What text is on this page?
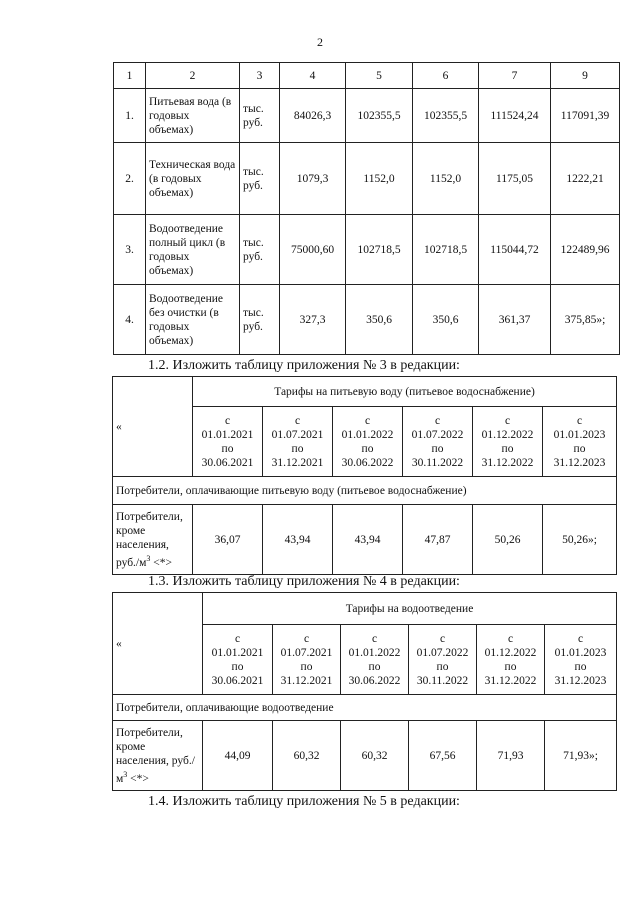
2
1	2	3	4	5	6	7	9
1.	Питьевая вода (в годовых объемах)	тыс. руб.	84026,3	102355,5	102355,5	111524,24	117091,39
2.	Техническая вода (в годовых объемах)	тыс. руб.	1079,3	1152,0	1152,0	1175,05	1222,21
3.	Водоотведение полный цикл (в годовых объемах)	тыс. руб.	75000,60	102718,5	102718,5	115044,72	122489,96
4.	Водоотведение без очистки (в годовых объемах)	тыс. руб.	327,3	350,6	350,6	361,37	375,85»;
1.2. Изложить таблицу приложения № 3 в редакции:
«	Тарифы на питьевую воду (питьевое водоснабжение)					
	с
01.01.2021
по
30.06.2021	с
01.07.2021
по
31.12.2021	с
01.01.2022
по
30.06.2022	с
01.07.2022
по
30.11.2022	с
01.12.2022
по
31.12.2022	с
01.01.2023
по
31.12.2023
Потребители, оплачивающие питьевую воду (питьевое водоснабжение)						
Потребители, кроме населения, $руб./м^3$ <*>	36,07	43,94	43,94	47,87	50,26	50,26»;
1.3. Изложить таблицу приложения № 4 в редакции:
«	Тарифы на водоотведение					
	с
01.01.2021
по
30.06.2021	с
01.07.2021
по
31.12.2021	с
01.01.2022
по
30.06.2022	с
01.07.2022
по
30.11.2022	с
01.12.2022
по
31.12.2022	с
01.01.2023
по
31.12.2023
Потребители, оплачивающие водоотведение						
Потребители, кроме населения, $руб./м^3$ <*>	44,09	60,32	60,32	67,56	71,93	71,93»;
1.4. Изложить таблицу приложения № 5 в редакции:
